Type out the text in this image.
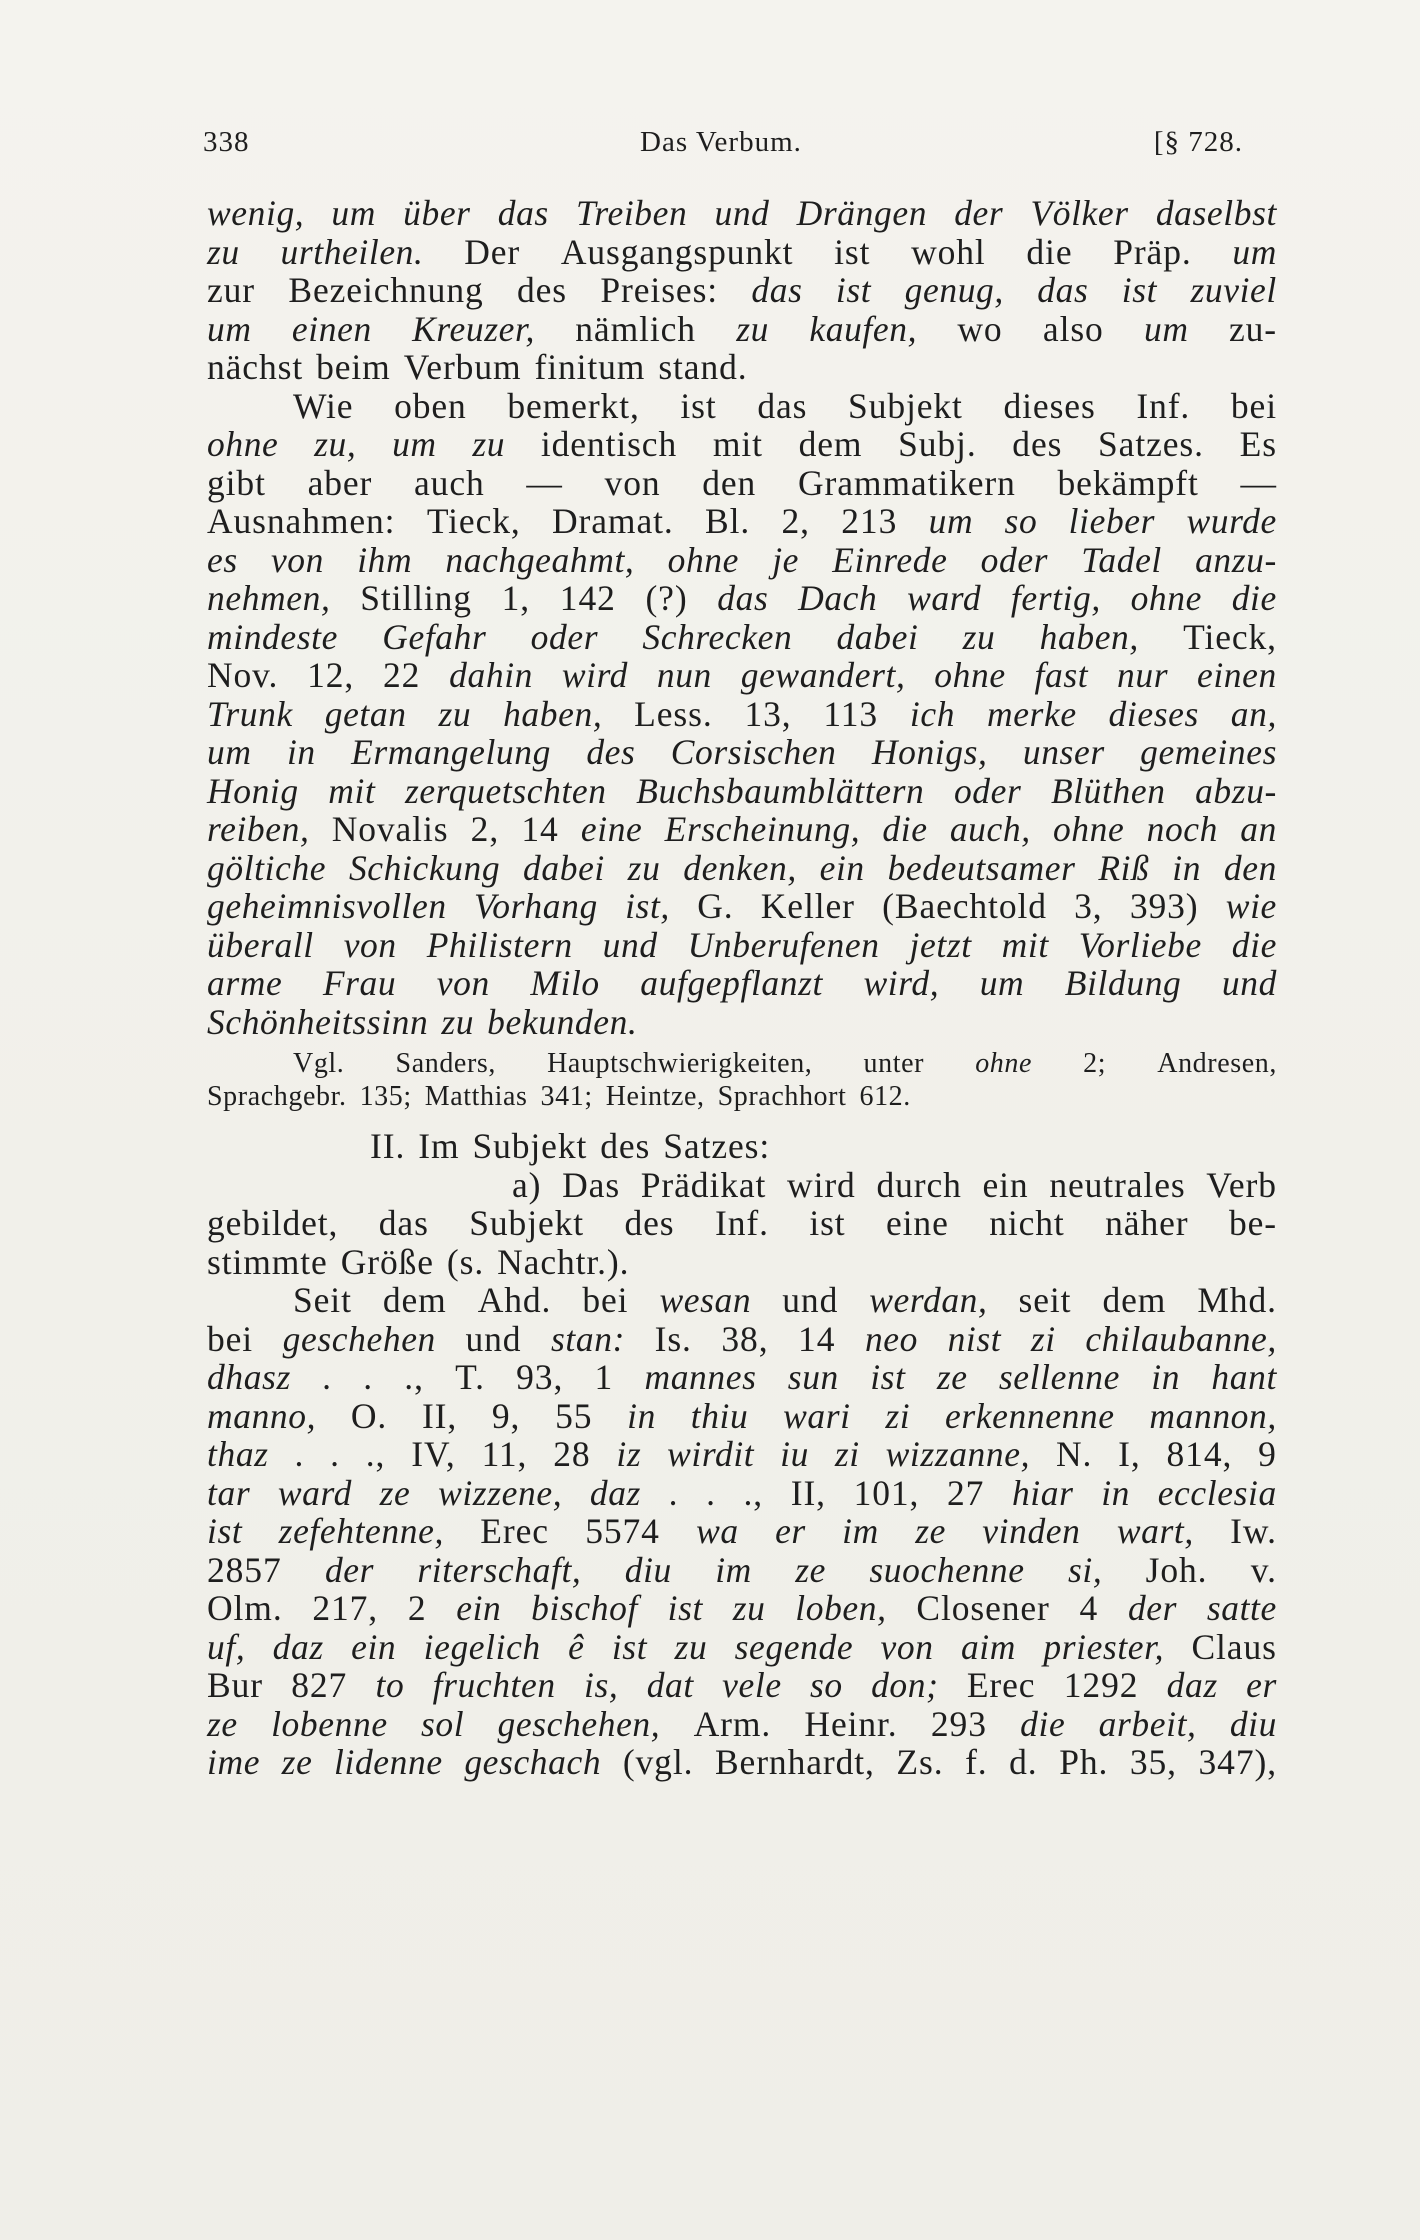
338	Das Verbum.	[§ 728.
wenig, um über das Treiben und Drängen der Völker daselbst
zu urtheilen. Der Ausgangspunkt ist wohl die Präp. um
zur Bezeichnung des Preises: das ist genug, das ist zuviel
um einen Kreuzer, nämlich zu kaufen, wo also um zu-
nächst beim Verbum finitum stand.
Wie oben bemerkt, ist das Subjekt dieses Inf. bei
ohne zu, um zu identisch mit dem Subj. des Satzes. Es
gibt aber auch — von den Grammatikern bekämpft —
Ausnahmen: Tieck, Dramat. Bl. 2, 213 um so lieber wurde
es von ihm nachgeahmt, ohne je Einrede oder Tadel anzu-
nehmen, Stilling 1, 142 (?) das Dach ward fertig, ohne die
mindeste Gefahr oder Schrecken dabei zu haben, Tieck,
Nov. 12, 22 dahin wird nun gewandert, ohne fast nur einen
Trunk getan zu haben, Less. 13, 113 ich merke dieses an,
um in Ermangelung des Corsischen Honigs, unser gemeines
Honig mit zerquetschten Buchsbaumblättern oder Blüthen abzu-
reiben, Novalis 2, 14 eine Erscheinung, die auch, ohne noch an
göltiche Schickung dabei zu denken, ein bedeutsamer Riß in den
geheimnisvollen Vorhang ist, G. Keller (Baechtold 3, 393) wie
überall von Philistern und Unberufenen jetzt mit Vorliebe die
arme Frau von Milo aufgepflanzt wird, um Bildung und
Schönheitssinn zu bekunden.
Vgl. Sanders, Hauptschwierigkeiten, unter ohne 2; Andresen,
Sprachgebr. 135; Matthias 341; Heintze, Sprachhort 612.
II. Im Subjekt des Satzes:
a) Das Prädikat wird durch ein neutrales Verb
gebildet, das Subjekt des Inf. ist eine nicht näher be-
stimmte Größe (s. Nachtr.).
Seit dem Ahd. bei wesan und werdan, seit dem Mhd.
bei geschehen und stan: Is. 38, 14 neo nist zi chilaubanne,
dhasz . . ., T. 93, 1 mannes sun ist ze sellenne in hant
manno, O. II, 9, 55 in thiu wari zi erkennenne mannon,
thaz . . ., IV, 11, 28 iz wirdit iu zi wizzanne, N. I, 814, 9
tar ward ze wizzene, daz . . ., II, 101, 27 hiar in ecclesia
ist zefehtenne, Erec 5574 wa er im ze vinden wart, Iw.
2857 der riterschaft, diu im ze suochenne si, Joh. v.
Olm. 217, 2 ein bischof ist zu loben, Closener 4 der satte
uf, daz ein iegelich ê ist zu segende von aim priester, Claus
Bur 827 to fruchten is, dat vele so don; Erec 1292 daz er
ze lobenne sol geschehen, Arm. Heinr. 293 die arbeit, diu
ime ze lidenne geschach (vgl. Bernhardt, Zs. f. d. Ph. 35, 347),
